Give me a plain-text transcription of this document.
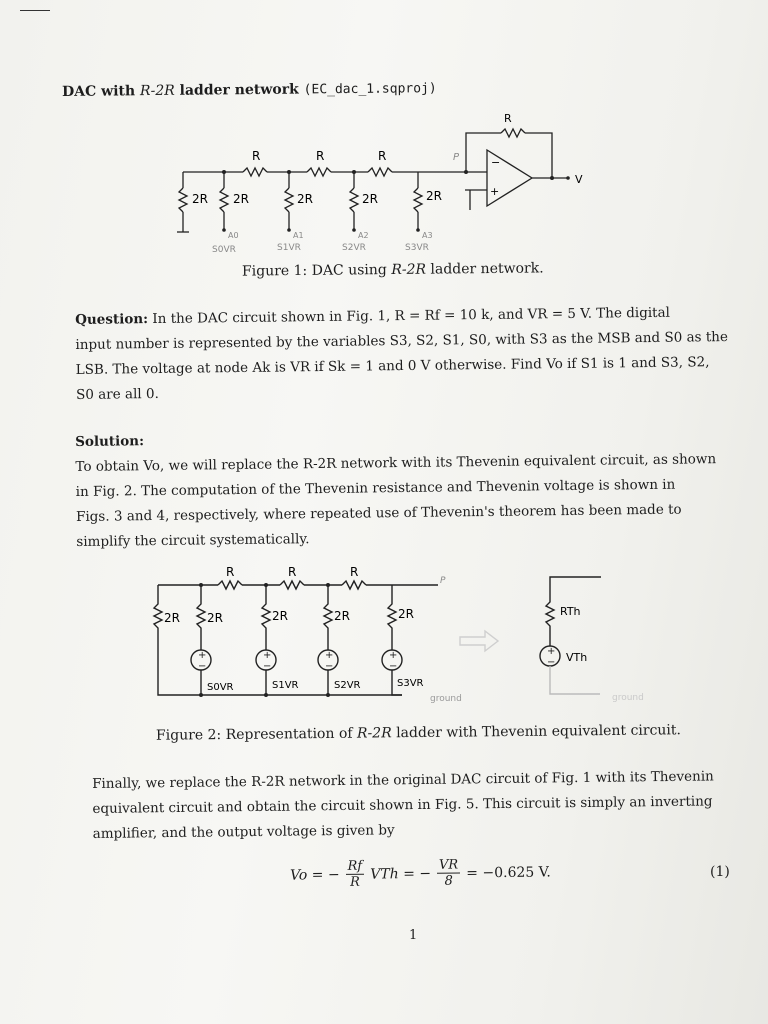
DAC with R-2R ladder network (EC_dac_1.sqproj)
−
+
R
R	R	R
2R 2R	2R	2R	2R
P
V
A0	A1	A2	A3
S0VR	S1VR	S2VR	S3VR
Figure 1: DAC using R-2R ladder network.
Question: In the DAC circuit shown in Fig. 1, R = Rf = 10 k, and VR = 5 V. The digital
input number is represented by the variables S3, S2, S1, S0, with S3 as the MSB and S0 as the
LSB. The voltage at node Ak is VR if Sk = 1 and 0 V otherwise. Find Vo if S1 is 1 and S3, S2,
S0 are all 0.
Solution:
To obtain Vo, we will replace the R-2R network with its Thevenin equivalent circuit, as shown
in Fig. 2. The computation of the Thevenin resistance and Thevenin voltage is shown in
Figs. 3 and 4, respectively, where repeated use of Thevenin's theorem has been made to
simplify the circuit systematically.
+
−
+
−
+
−
+
−
+
−
R	R	R
2R 2R	2R	2R	2R
P
S0VR	S1VR	S2VR	S3VR
ground	ground
RTh
VTh
Figure 2: Representation of R-2R ladder with Thevenin equivalent circuit.
Finally, we replace the R-2R network in the original DAC circuit of Fig. 1 with its Thevenin
equivalent circuit and obtain the circuit shown in Fig. 5. This circuit is simply an inverting
amplifier, and the output voltage is given by
Vo = − $\frac{Rf}{R}$ VTh = − $\frac{VR}{8} = -0.625$ V.	(1)
1
